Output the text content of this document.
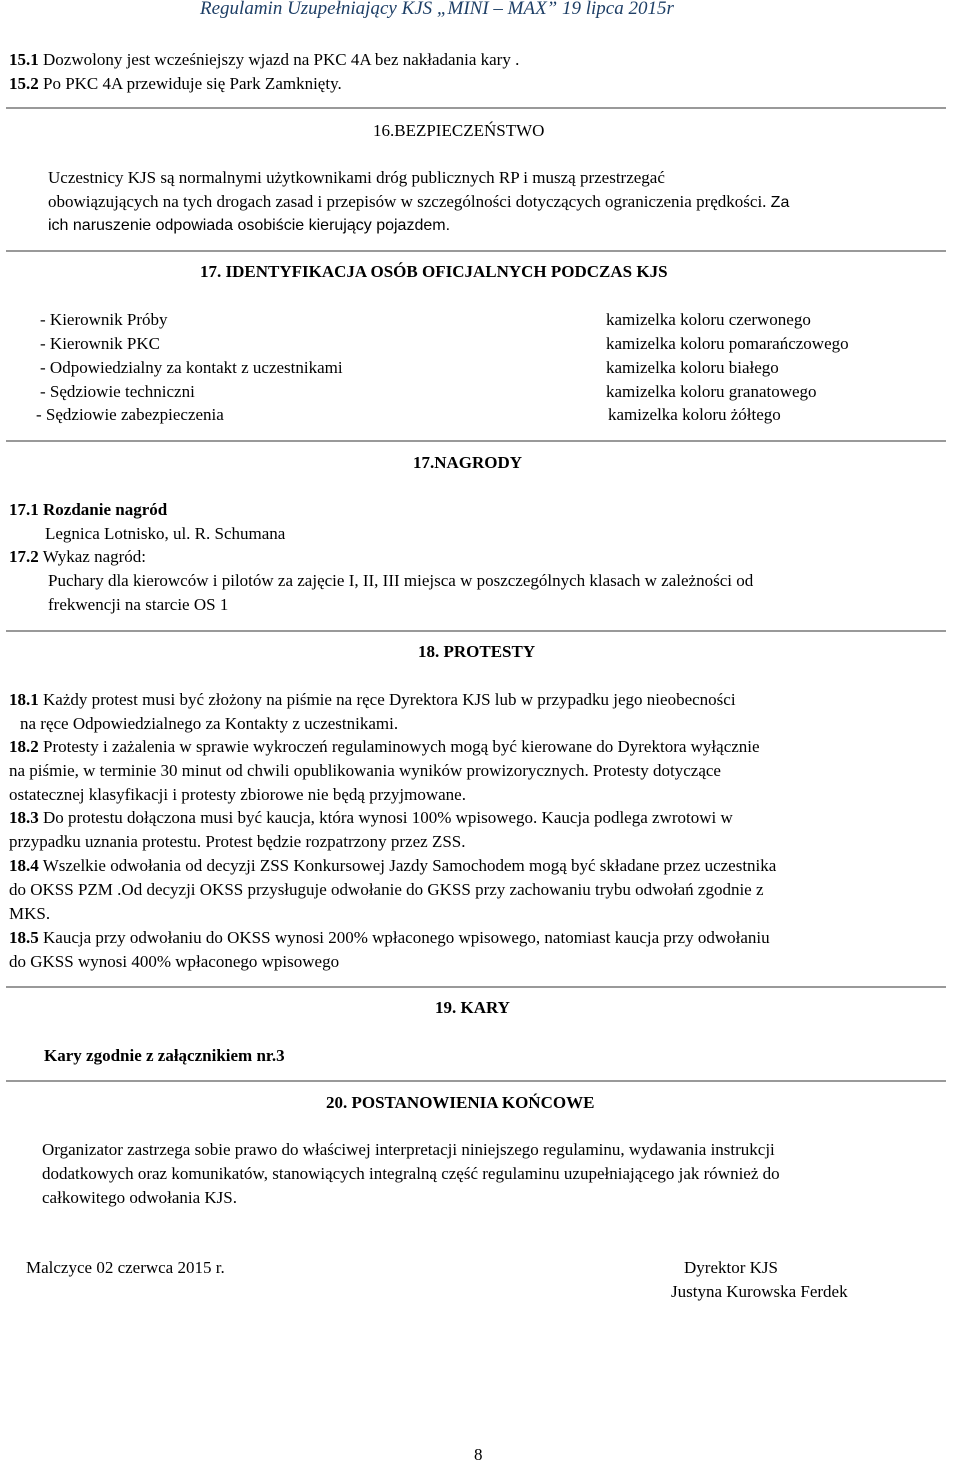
Regulamin Uzupełniający KJS „MINI – MAX” 19 lipca 2015r
15.1 Dozwolony jest wcześniejszy wjazd na PKC 4A bez nakładania kary .
15.2 Po PKC 4A przewiduje się Park Zamknięty.
16.BEZPIECZEŃSTWO
Uczestnicy KJS są normalnymi użytkownikami dróg publicznych RP i muszą przestrzegać
obowiązujących na tych drogach zasad i przepisów w szczególności dotyczących ograniczenia prędkości. Za
ich naruszenie odpowiada osobiście kierujący pojazdem.
17. IDENTYFIKACJA OSÓB OFICJALNYCH PODCZAS KJS
- Kierownik Próby	kamizelka koloru czerwonego
- Kierownik PKC	kamizelka koloru pomarańczowego
- Odpowiedzialny za kontakt z uczestnikami	kamizelka koloru białego
- Sędziowie techniczni	kamizelka koloru granatowego
- Sędziowie zabezpieczenia	kamizelka koloru żółtego
17.NAGRODY
17.1 Rozdanie nagród
Legnica Lotnisko, ul. R. Schumana
17.2 Wykaz nagród:
Puchary dla kierowców i pilotów za zajęcie I, II, III miejsca w poszczególnych klasach w zależności od
frekwencji na starcie OS 1
18. PROTESTY
18.1 Każdy protest musi być złożony na piśmie na ręce Dyrektora KJS lub w przypadku jego nieobecności
na ręce Odpowiedzialnego za Kontakty z uczestnikami.
18.2 Protesty i zażalenia w sprawie wykroczeń regulaminowych mogą być kierowane do Dyrektora wyłącznie
na piśmie, w terminie 30 minut od chwili opublikowania wyników prowizorycznych. Protesty dotyczące
ostatecznej klasyfikacji i protesty zbiorowe nie będą przyjmowane.
18.3 Do protestu dołączona musi być kaucja, która wynosi 100% wpisowego. Kaucja podlega zwrotowi w
przypadku uznania protestu. Protest będzie rozpatrzony przez ZSS.
18.4 Wszelkie odwołania od decyzji ZSS Konkursowej Jazdy Samochodem mogą być składane przez uczestnika
do OKSS PZM .Od decyzji OKSS przysługuje odwołanie do GKSS przy zachowaniu trybu odwołań zgodnie z
MKS.
18.5 Kaucja przy odwołaniu do OKSS wynosi 200% wpłaconego wpisowego, natomiast kaucja przy odwołaniu
do GKSS wynosi 400% wpłaconego wpisowego
19. KARY
Kary zgodnie z załącznikiem nr.3
20. POSTANOWIENIA KOŃCOWE
Organizator zastrzega sobie prawo do właściwej interpretacji niniejszego regulaminu, wydawania instrukcji
dodatkowych oraz komunikatów, stanowiących integralną część regulaminu uzupełniającego jak również do
całkowitego odwołania KJS.
Malczyce 02 czerwca 2015 r.	Dyrektor KJS
Justyna Kurowska Ferdek
8
